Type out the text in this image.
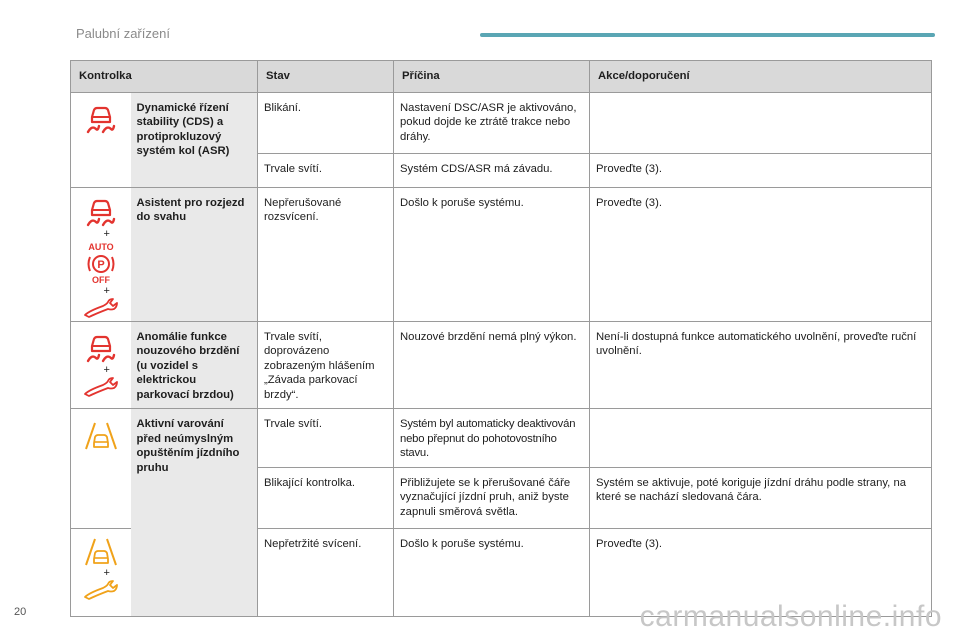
Palubní zařízení
Kontrolka		Stav	Příčina	Akce/doporučení

	Dynamické řízení stability (CDS) a protiprokluzový systém kol (ASR)	Blikání.	Nastavení DSC/ASR je aktivováno, pokud dojde ke ztrátě trakce nebo dráhy.	
		Trvale svítí.	Systém CDS/ASR má závadu.	Proveďte (3).

+
AUTO
P
OFF
+	Asistent pro rozjezd do svahu	Nepřerušované rozsvícení.	Došlo k poruše systému.	Proveďte (3).

+	Anomálie funkce nouzového brzdění (u vozidel s elektrickou parkovací brzdou)	Trvale svítí, doprovázeno zobrazeným hlášením „Závada parkovací brzdy“.	Nouzové brzdění nemá plný výkon.	Není-li dostupná funkce automatického uvolnění, proveďte ruční uvolnění.

	Aktivní varování před neúmyslným opuštěním jízdního pruhu	Trvale svítí.	Systém byl automaticky deaktivován nebo přepnut do pohotovostního stavu.	
		Blikající kontrolka.	Přibližujete se k přerušované čáře vyznačující jízdní pruh, aniž byste zapnuli směrová světla.	Systém se aktivuje, poté koriguje jízdní dráhu podle strany, na které se nachází sledovaná čára.

+		Nepřetržité svícení.	Došlo k poruše systému.	Proveďte (3).
20	carmanualsonline.info
